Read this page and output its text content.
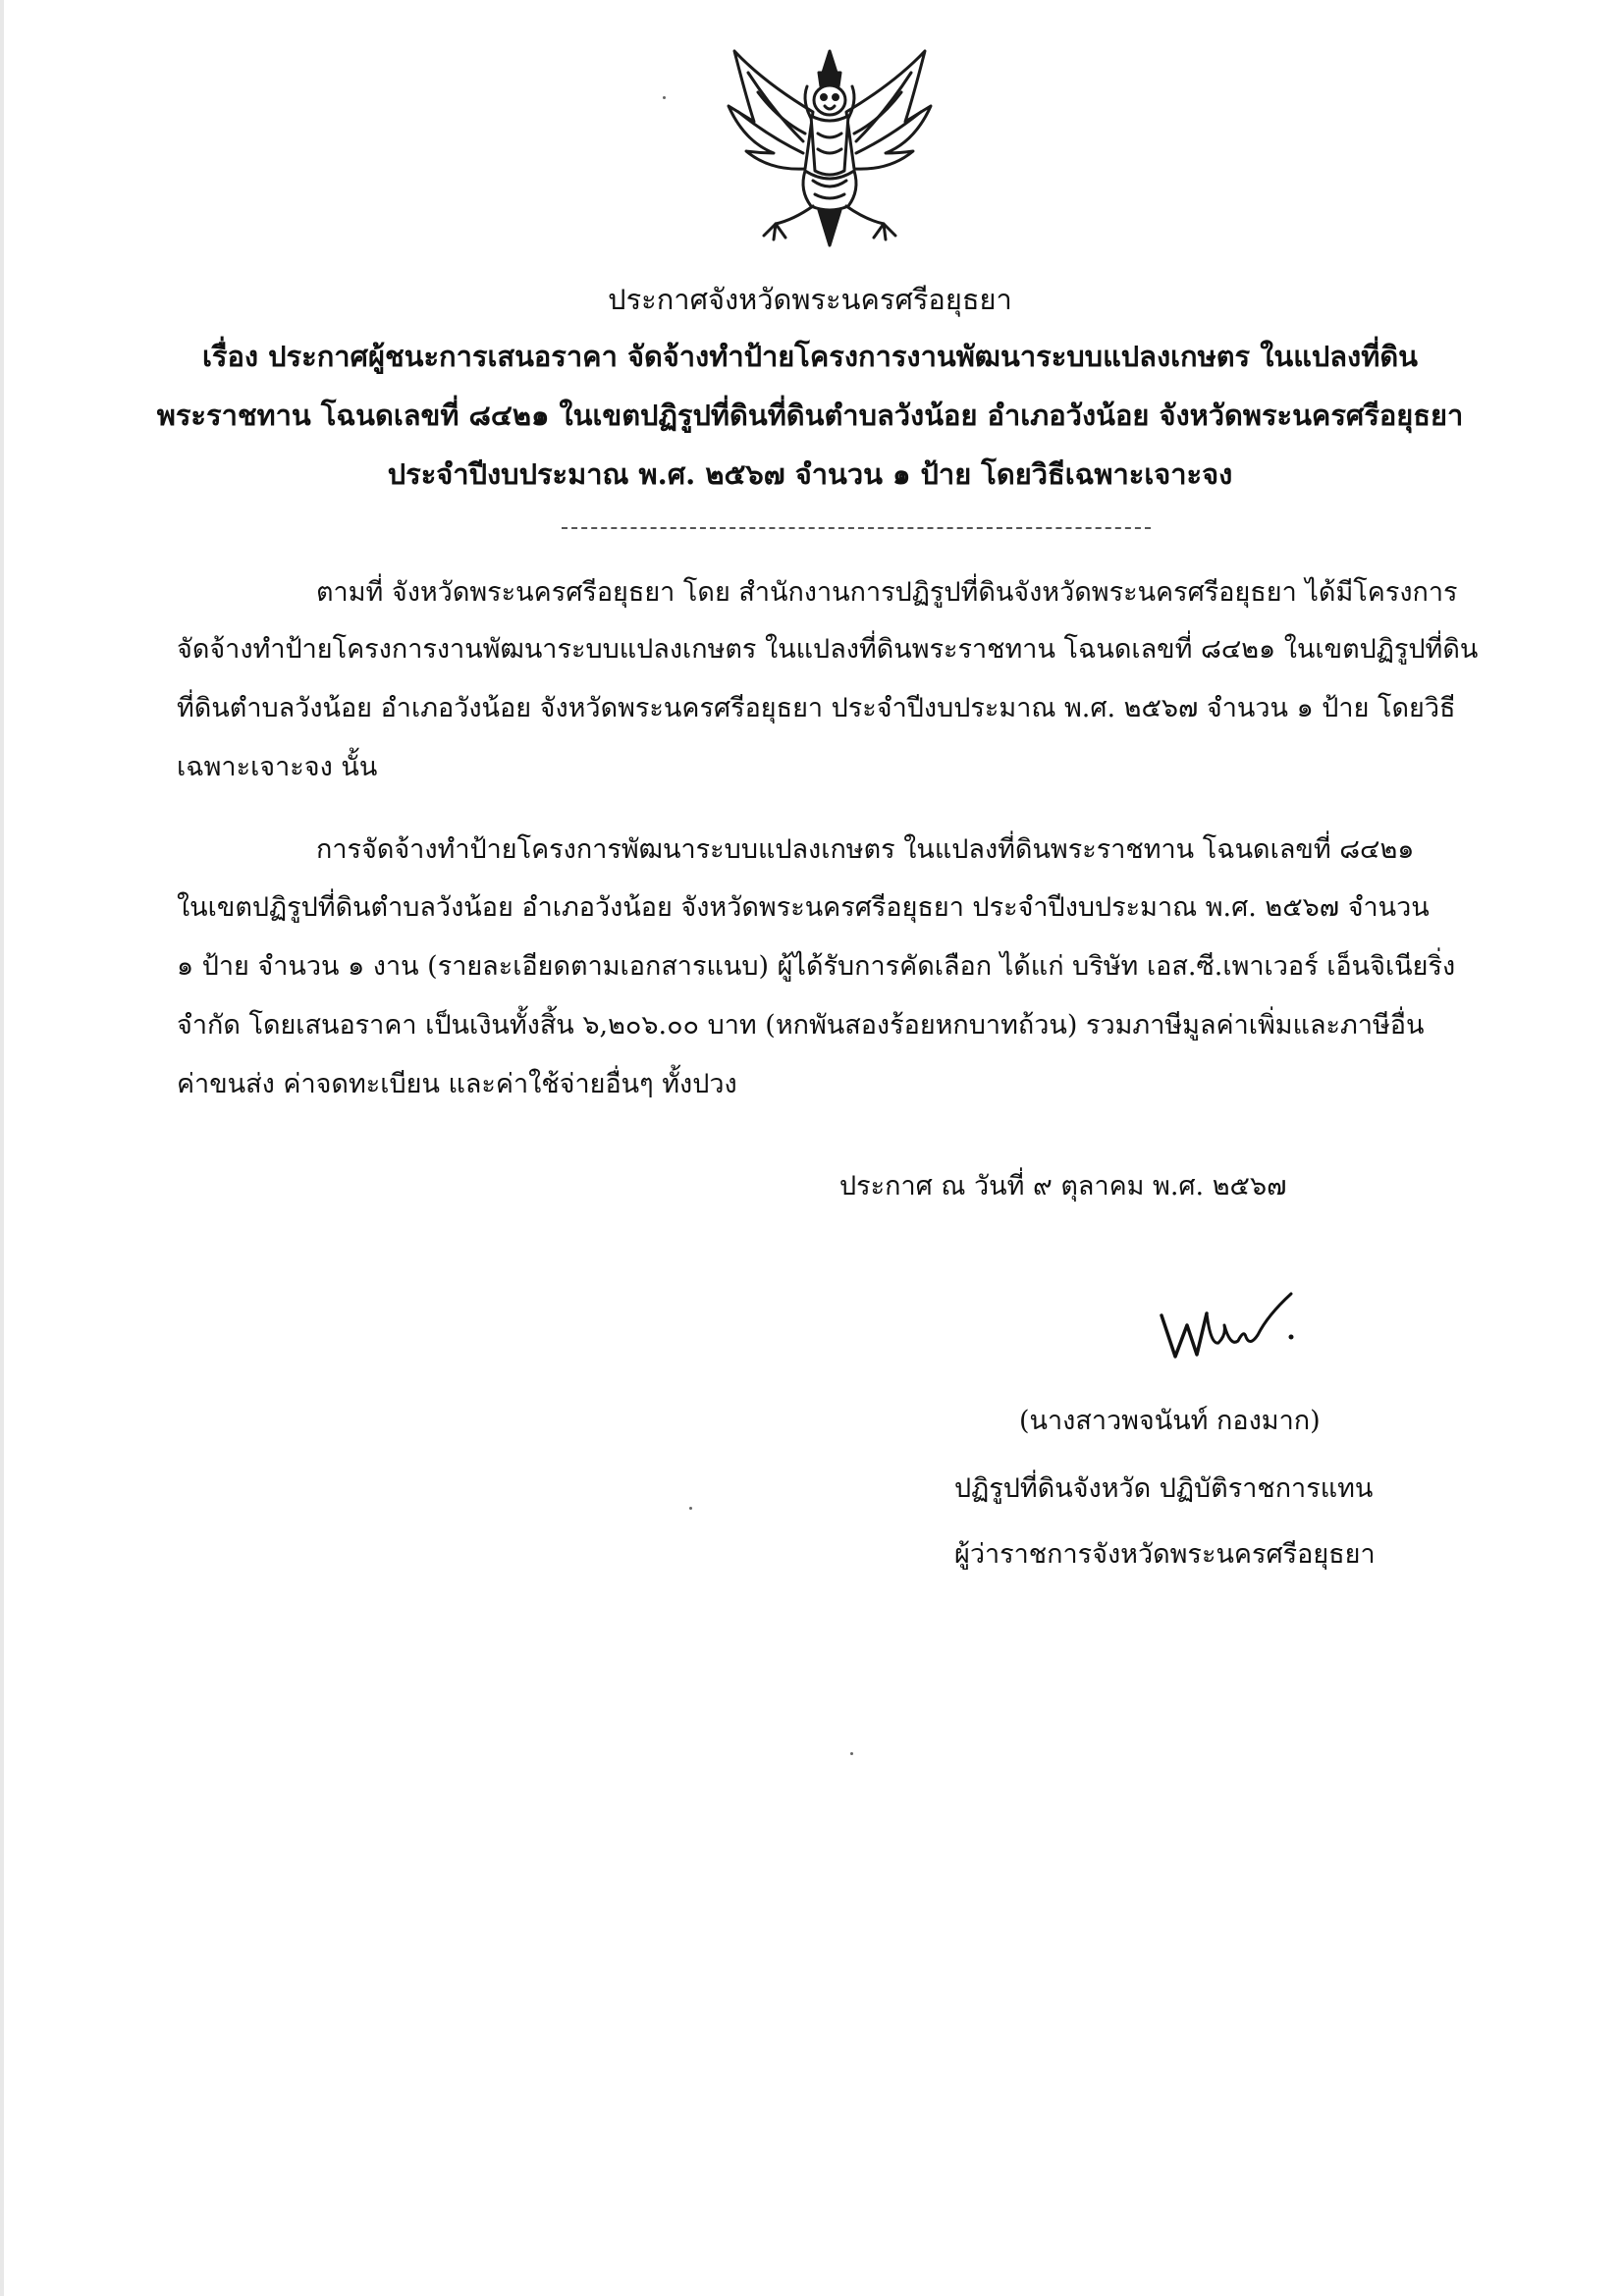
ประกาศจังหวัดพระนครศรีอยุธยา
เรื่อง ประกาศผู้ชนะการเสนอราคา จัดจ้างทำป้ายโครงการงานพัฒนาระบบแปลงเกษตร ในแปลงที่ดิน
พระราชทาน โฉนดเลขที่ ๘๔๒๑ ในเขตปฏิรูปที่ดินที่ดินตำบลวังน้อย อำเภอวังน้อย จังหวัดพระนครศรีอยุธยา
ประจำปีงบประมาณ พ.ศ. ๒๕๖๗ จำนวน ๑ ป้าย โดยวิธีเฉพาะเจาะจง
ตามที่ จังหวัดพระนครศรีอยุธยา โดย สำนักงานการปฏิรูปที่ดินจังหวัดพระนครศรีอยุธยา ได้มีโครงการ
จัดจ้างทำป้ายโครงการงานพัฒนาระบบแปลงเกษตร ในแปลงที่ดินพระราชทาน โฉนดเลขที่ ๘๔๒๑ ในเขตปฏิรูปที่ดิน
ที่ดินตำบลวังน้อย อำเภอวังน้อย จังหวัดพระนครศรีอยุธยา ประจำปีงบประมาณ พ.ศ. ๒๕๖๗ จำนวน ๑ ป้าย โดยวิธี
เฉพาะเจาะจง นั้น
การจัดจ้างทำป้ายโครงการพัฒนาระบบแปลงเกษตร ในแปลงที่ดินพระราชทาน โฉนดเลขที่ ๘๔๒๑
ในเขตปฏิรูปที่ดินตำบลวังน้อย อำเภอวังน้อย จังหวัดพระนครศรีอยุธยา ประจำปีงบประมาณ พ.ศ. ๒๕๖๗ จำนวน
๑ ป้าย จำนวน ๑ งาน (รายละเอียดตามเอกสารแนบ) ผู้ได้รับการคัดเลือก ได้แก่ บริษัท เอส.ซี.เพาเวอร์ เอ็นจิเนียริ่ง
จำกัด โดยเสนอราคา เป็นเงินทั้งสิ้น ๖,๒๐๖.๐๐ บาท (หกพันสองร้อยหกบาทถ้วน) รวมภาษีมูลค่าเพิ่มและภาษีอื่น
ค่าขนส่ง ค่าจดทะเบียน และค่าใช้จ่ายอื่นๆ ทั้งปวง
ประกาศ ณ วันที่ ๙ ตุลาคม พ.ศ. ๒๕๖๗
(นางสาวพจนันท์ กองมาก)
ปฏิรูปที่ดินจังหวัด ปฏิบัติราชการแทน
ผู้ว่าราชการจังหวัดพระนครศรีอยุธยา
